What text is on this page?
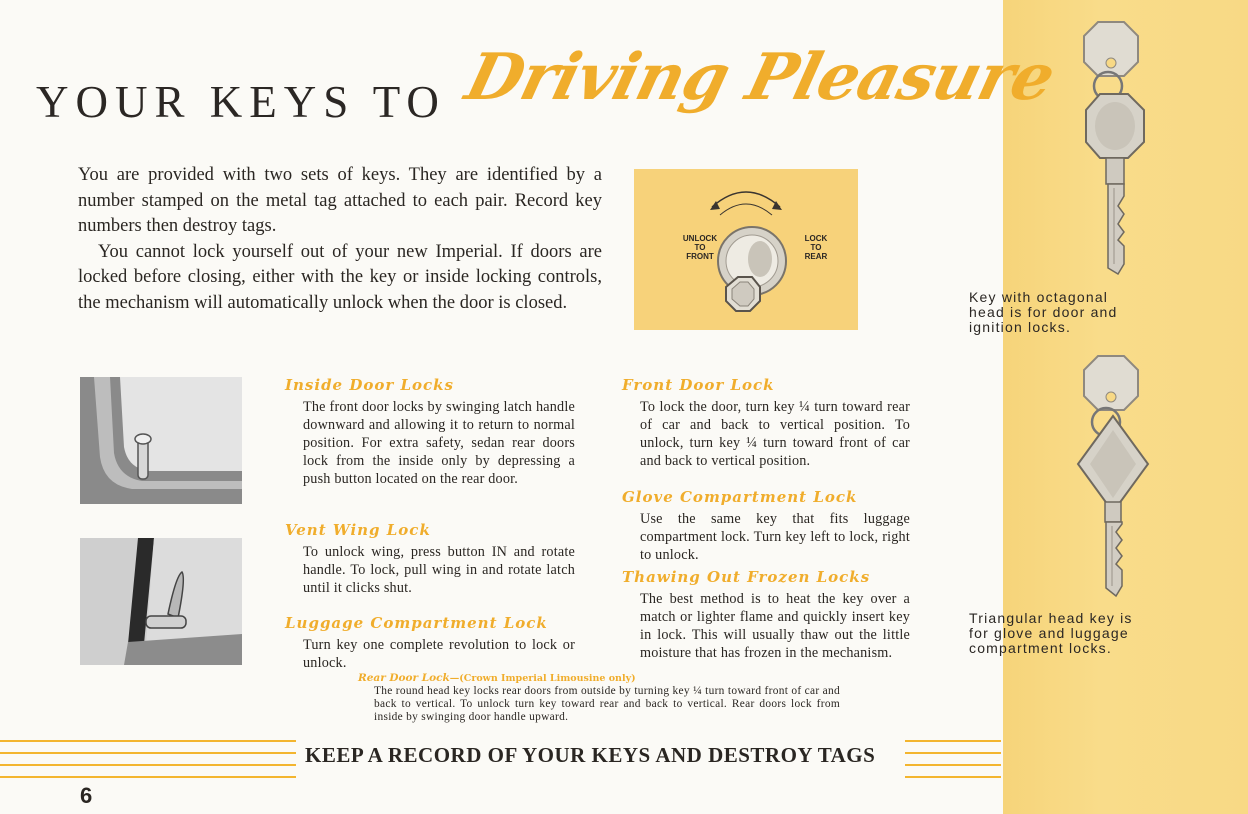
YOUR KEYS TO Driving Pleasure

You are provided with two sets of keys. They are identified by a number stamped on the metal tag attached to each pair. Record key numbers then destroy tags.

You cannot lock yourself out of your new Imperial. If doors are locked before closing, either with the key or inside locking controls, the mechanism will automatically unlock when the door is closed.

UNLOCK
TO
FRONT
LOCK
TO
REAR
Inside Door Locks

The front door locks by swinging latch handle downward and allowing it to return to normal position. For extra safety, sedan rear doors lock from the inside only by depressing a push button located on the rear door.

Vent Wing Lock

To unlock wing, press button IN and rotate handle. To lock, pull wing in and rotate latch until it clicks shut.

Luggage Compartment Lock

Turn key one complete revolution to lock or unlock.

Front Door Lock

To lock the door, turn key ¼ turn toward rear of car and back to vertical position. To unlock, turn key ¼ turn toward front of car and back to vertical position.

Glove Compartment Lock

Use the same key that fits luggage compartment lock. Turn key left to lock, right to unlock.

Thawing Out Frozen Locks

The best method is to heat the key over a match or lighter flame and quickly insert key in lock. This will usually thaw out the little moisture that has frozen in the mechanism.

Rear Door Lock—(Crown Imperial Limousine only)

The round head key locks rear doors from outside by turning key ¼ turn toward front of car and back to vertical. To unlock turn key toward rear and back to vertical. Rear doors lock from inside by swinging door handle upward.

KEEP A RECORD OF YOUR KEYS AND DESTROY TAGS

6

Key with octagonal head is for door and ignition locks.

Triangular head key is for glove and luggage compartment locks.
